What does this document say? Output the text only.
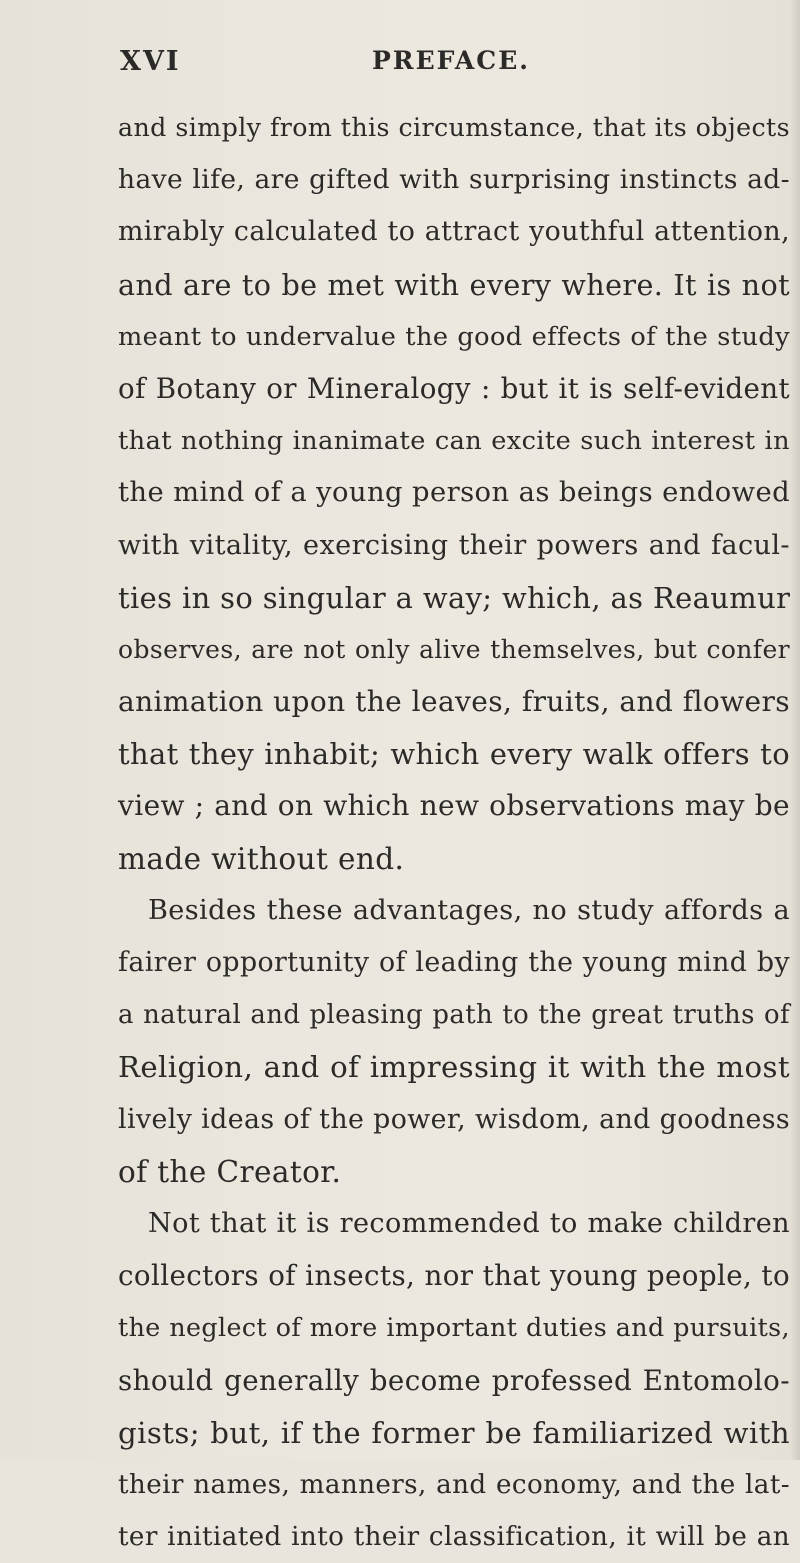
XVI	PREFACE.
and simply from this circumstance, that its objects
have life, are gifted with surprising instincts ad-
mirably calculated to attract youthful attention,
and are to be met with every where. It is not
meant to undervalue the good effects of the study
of Botany or Mineralogy : but it is self-evident
that nothing inanimate can excite such interest in
the mind of a young person as beings endowed
with vitality, exercising their powers and facul-
ties in so singular a way; which, as Reaumur
observes, are not only alive themselves, but confer
animation upon the leaves, fruits, and flowers
that they inhabit; which every walk offers to
view ; and on which new observations may be
made without end.
Besides these advantages, no study affords a
fairer opportunity of leading the young mind by
a natural and pleasing path to the great truths of
Religion, and of impressing it with the most
lively ideas of the power, wisdom, and goodness
of the Creator.
Not that it is recommended to make children
collectors of insects, nor that young people, to
the neglect of more important duties and pursuits,
should generally become professed Entomolo-
gists; but, if the former be familiarized with
their names, manners, and economy, and the lat-
ter initiated into their classification, it will be an
